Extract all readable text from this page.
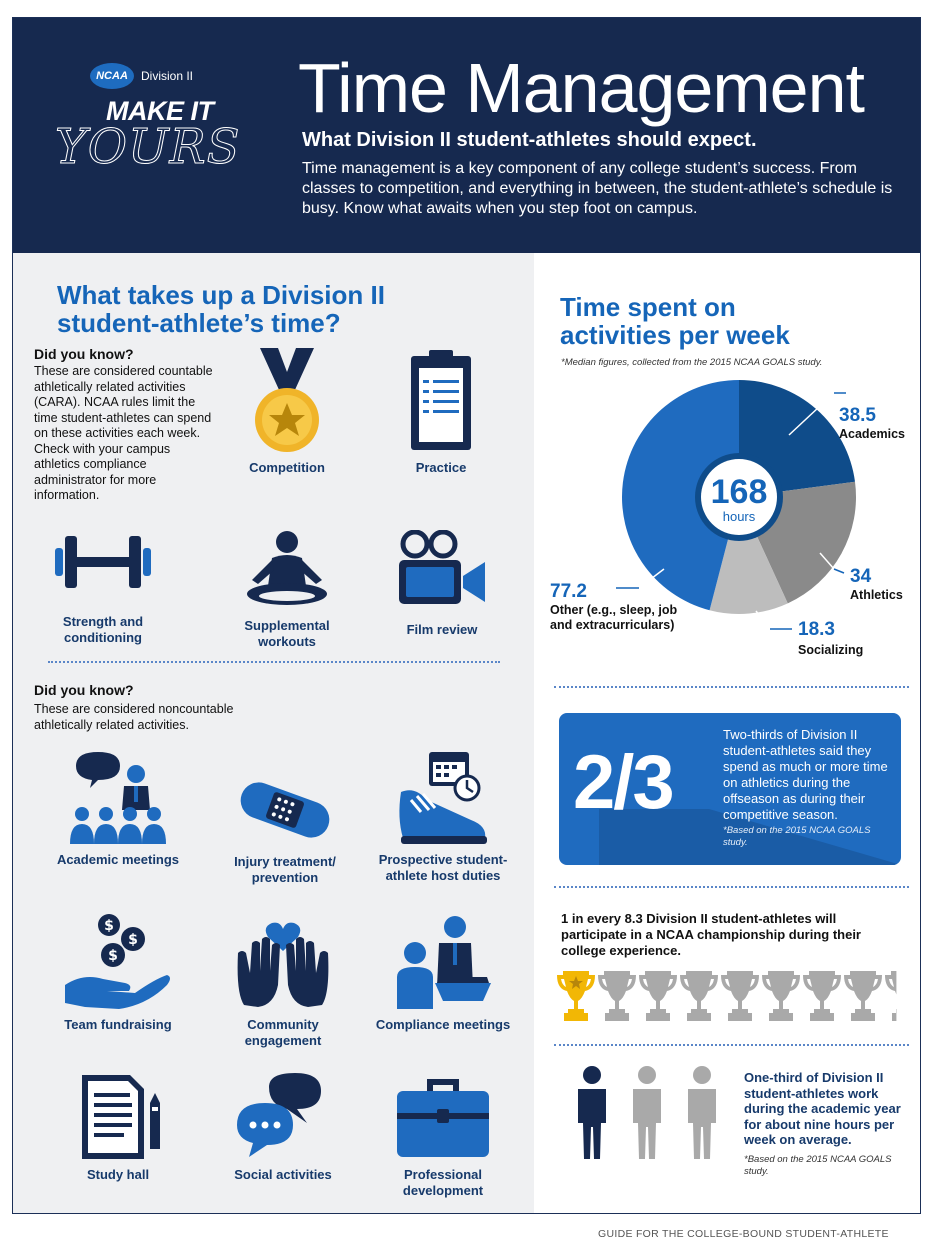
NCAA	Division II
MAKE IT
YOURS
Time Management
What Division II student-athletes should expect.
Time management is a key component of any college student’s success. From classes to competition, and everything in between, the student-athlete’s schedule is busy. Know what awaits when you step foot on campus.
What takes up a Division II
student-athlete’s time?
Did you know?
These are considered countable athletically related activities (CARA). NCAA rules limit the time student-athletes can spend on these activities each week. Check with your campus athletics compliance administrator for more information.
Competition	Practice
Strength and conditioning
Supplemental workouts
Film review
Did you know?
These are considered noncountable athletically related activities.
Academic meetings	Injury treatment/ prevention
Prospective student-athlete host duties
$
$
$
Team fundraising	Community engagement
Compliance meetings
Study hall	Social activities	Professional development
Time spent on
activities per week
*Median figures, collected from the 2015 NCAA GOALS study.
168
hours
38.5
Academics
34
Athletics
18.3
Socializing
77.2
Other (e.g., sleep, job and extracurriculars)
2/3
Two-thirds of Division II student-athletes said they spend as much or more time on athletics during the offseason as during their competitive season.
*Based on the 2015 NCAA GOALS study.
1 in every 8.3 Division II student-athletes will participate in a NCAA championship during their college experience.
One-third of Division II student-athletes work during the academic year for about nine hours per week on average.
*Based on the 2015 NCAA GOALS study.
GUIDE FOR THE COLLEGE-BOUND STUDENT-ATHLETE
